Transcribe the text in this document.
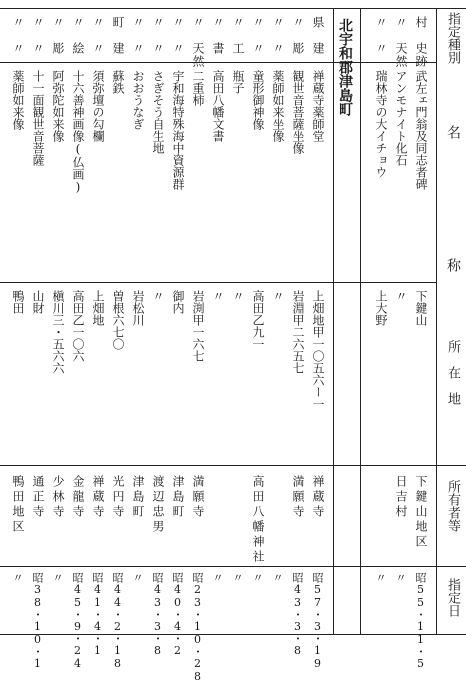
指定種別
名
称
所　在　地
所有者等
指定日
北宇和郡津島町	村　史跡
武左ェ門翁及同志者碑
下鍵山
下鍵山地区
昭55・11・5
〃　天然
アンモナイト化石
〃
日吉村
〃
〃　〃
瑞林寺の大イチョウ
上大野
〃
県　建
禅蔵寺薬師堂
上畑地甲一〇五六ー一
禅蔵寺
昭57・3・19
〃　彫
観世音菩薩坐像
岩淵甲二六五七
満願寺
昭43・3・8
〃　〃
薬師如来坐像
〃
〃
〃　〃
童形御神像
高田乙九一
高田八幡神社
〃
〃　工
瓶子
〃
〃
〃　書
高田八幡文書
〃
〃
〃　天然
二重柿
岩渕甲一六七
満願寺
昭23・10・28
〃　〃
宇和海特殊海中資源群
御内
津島町
昭40・4・2
〃　〃
さぎそう自生地
〃
渡辺忠男
昭43・3・8
〃　〃
おおうなぎ
岩松川
津島町
〃
町　建
蘇鉄
曽根六七〇
光円寺
昭44・2・18
〃　〃
須弥壇の勾欄
上畑地
禅蔵寺
昭41・4・1
〃　絵
十六善神画像(仏画)
高田乙一〇六
金龍寺
昭45・9・24
〃　彫
阿弥陀如来像
槇川三・五六六
少林寺
〃
〃　〃
十一面観世音菩薩
山財
通正寺
昭38・10・1
〃　〃
薬師如来像
鴨田
鴨田地区
〃
